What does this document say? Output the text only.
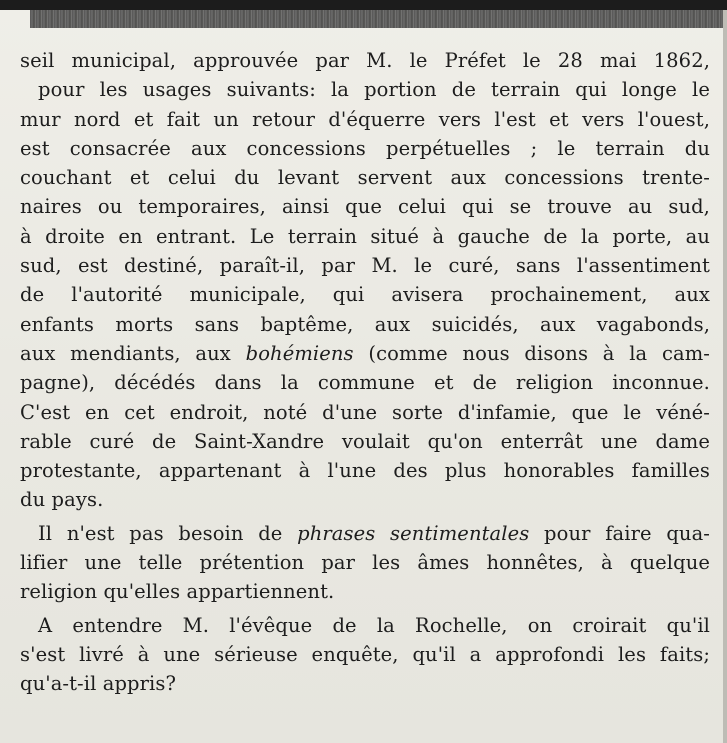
seil municipal, approuvée par M. le Préfet le 28 mai 1862,
pour les usages suivants: la portion de terrain qui longe le
mur nord et fait un retour d'équerre vers l'est et vers l'ouest,
est consacrée aux concessions perpétuelles ; le terrain du
couchant et celui du levant servent aux concessions trente-
naires ou temporaires, ainsi que celui qui se trouve au sud,
à droite en entrant. Le terrain situé à gauche de la porte, au
sud, est destiné, paraît-il, par M. le curé, sans l'assentiment
de l'autorité municipale, qui avisera prochainement, aux
enfants morts sans baptême, aux suicidés, aux vagabonds,
aux mendiants, aux bohémiens (comme nous disons à la cam-
pagne), décédés dans la commune et de religion inconnue.
C'est en cet endroit, noté d'une sorte d'infamie, que le véné-
rable curé de Saint-Xandre voulait qu'on enterrât une dame
protestante, appartenant à l'une des plus honorables familles
du pays.

Il n'est pas besoin de phrases sentimentales pour faire qua-
lifier une telle prétention par les âmes honnêtes, à quelque
religion qu'elles appartiennent.

A entendre M. l'évêque de la Rochelle, on croirait qu'il
s'est livré à une sérieuse enquête, qu'il a approfondi les faits;
qu'a-t-il appris?
